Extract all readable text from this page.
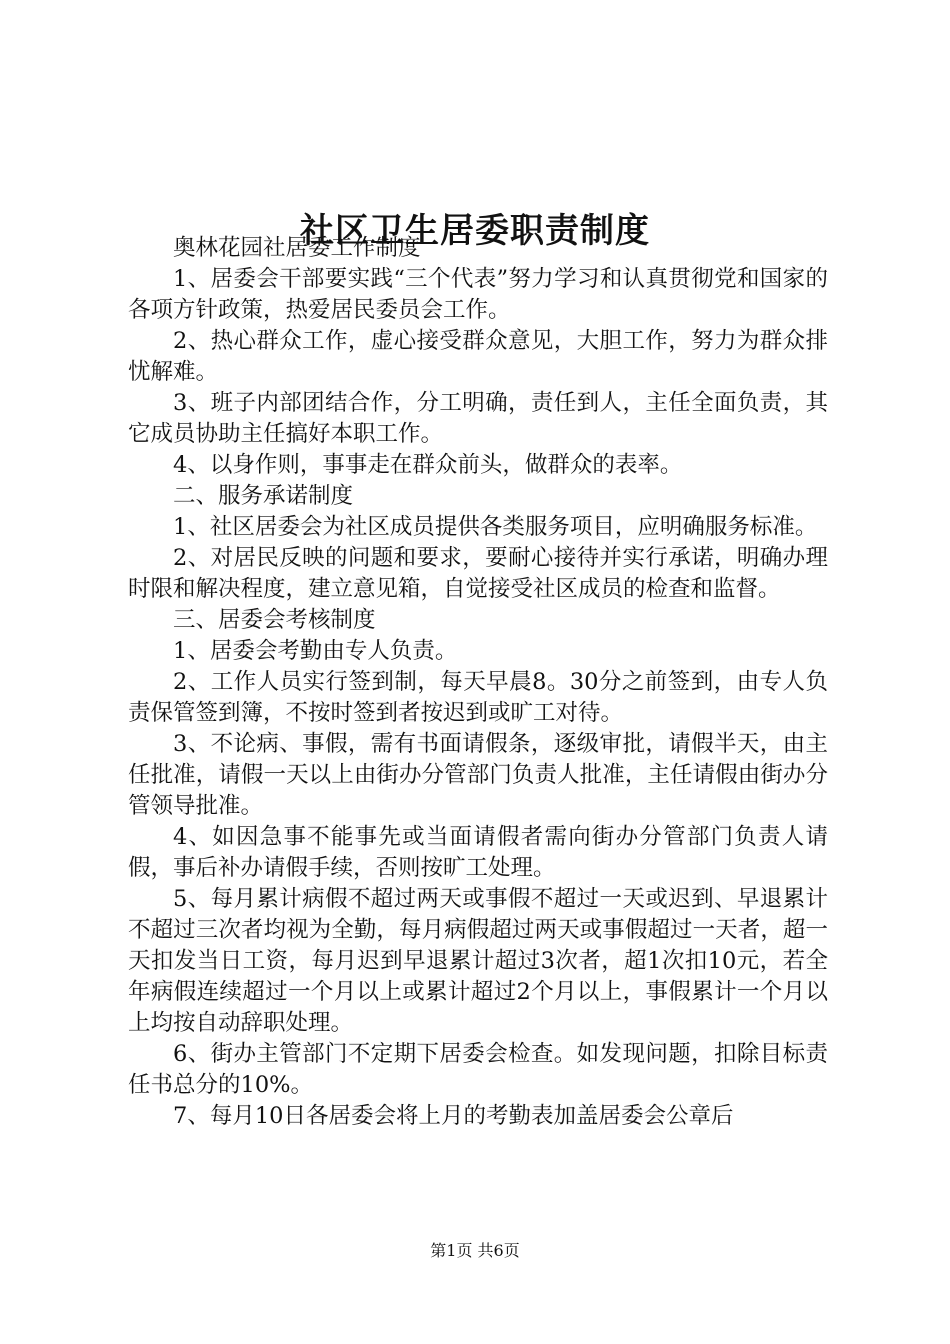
社区卫生居委职责制度

奥林花园社居委工作制度

1、居委会干部要实践“三个代表”努力学习和认真贯彻党和国家的各项方针政策，热爱居民委员会工作。

2、热心群众工作，虚心接受群众意见，大胆工作，努力为群众排忧解难。

3、班子内部团结合作，分工明确，责任到人，主任全面负责，其它成员协助主任搞好本职工作。

4、以身作则，事事走在群众前头，做群众的表率。

二、服务承诺制度

1、社区居委会为社区成员提供各类服务项目，应明确服务标准。

2、对居民反映的问题和要求，要耐心接待并实行承诺，明确办理时限和解决程度，建立意见箱，自觉接受社区成员的检查和监督。

三、居委会考核制度

1、居委会考勤由专人负责。

2、工作人员实行签到制，每天早晨8。30分之前签到，由专人负责保管签到簿，不按时签到者按迟到或旷工对待。

3、不论病、事假，需有书面请假条，逐级审批，请假半天，由主任批准，请假一天以上由街办分管部门负责人批准，主任请假由街办分管领导批准。

4、如因急事不能事先或当面请假者需向街办分管部门负责人请假，事后补办请假手续，否则按旷工处理。

5、每月累计病假不超过两天或事假不超过一天或迟到、早退累计不超过三次者均视为全勤，每月病假超过两天或事假超过一天者，超一天扣发当日工资，每月迟到早退累计超过3次者，超1次扣10元，若全年病假连续超过一个月以上或累计超过2个月以上，事假累计一个月以上均按自动辞职处理。

6、街办主管部门不定期下居委会检查。如发现问题，扣除目标责任书总分的10%。

7、每月10日各居委会将上月的考勤表加盖居委会公章后

第1页 共6页
